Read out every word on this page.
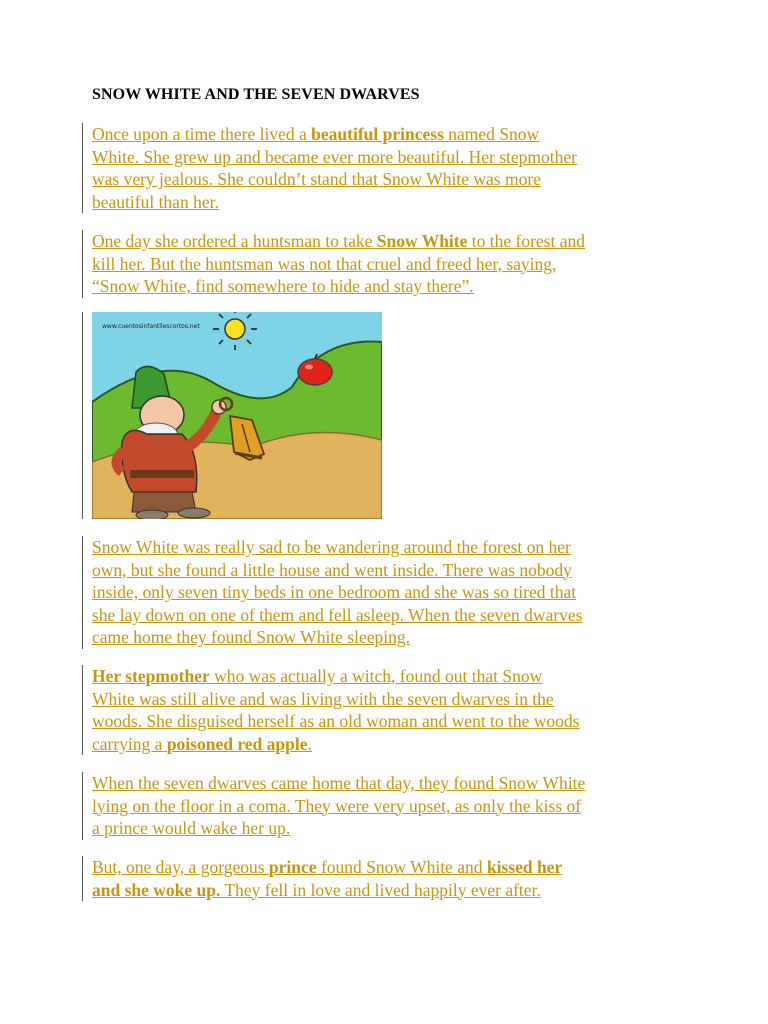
SNOW WHITE AND THE SEVEN DWARVES
Once upon a time there lived a beautiful princess named Snow
White. She grew up and became ever more beautiful. Her stepmother
was very jealous. She couldn’t stand that Snow White was more
beautiful than her.
One day she ordered a huntsman to take Snow White to the forest and
kill her. But the huntsman was not that cruel and freed her, saying,
“Snow White, find somewhere to hide and stay there”.
www.cuentosinfantilescortos.net
Snow White was really sad to be wandering around the forest on her
own, but she found a little house and went inside. There was nobody
inside, only seven tiny beds in one bedroom and she was so tired that
she lay down on one of them and fell asleep. When the seven dwarves
came home they found Snow White sleeping.
Her stepmother who was actually a witch, found out that Snow
White was still alive and was living with the seven dwarves in the
woods. She disguised herself as an old woman and went to the woods
carrying a poisoned red apple.
When the seven dwarves came home that day, they found Snow White
lying on the floor in a coma. They were very upset, as only the kiss of
a prince would wake her up.
But, one day, a gorgeous prince found Snow White and kissed her
and she woke up. They fell in love and lived happily ever after.
